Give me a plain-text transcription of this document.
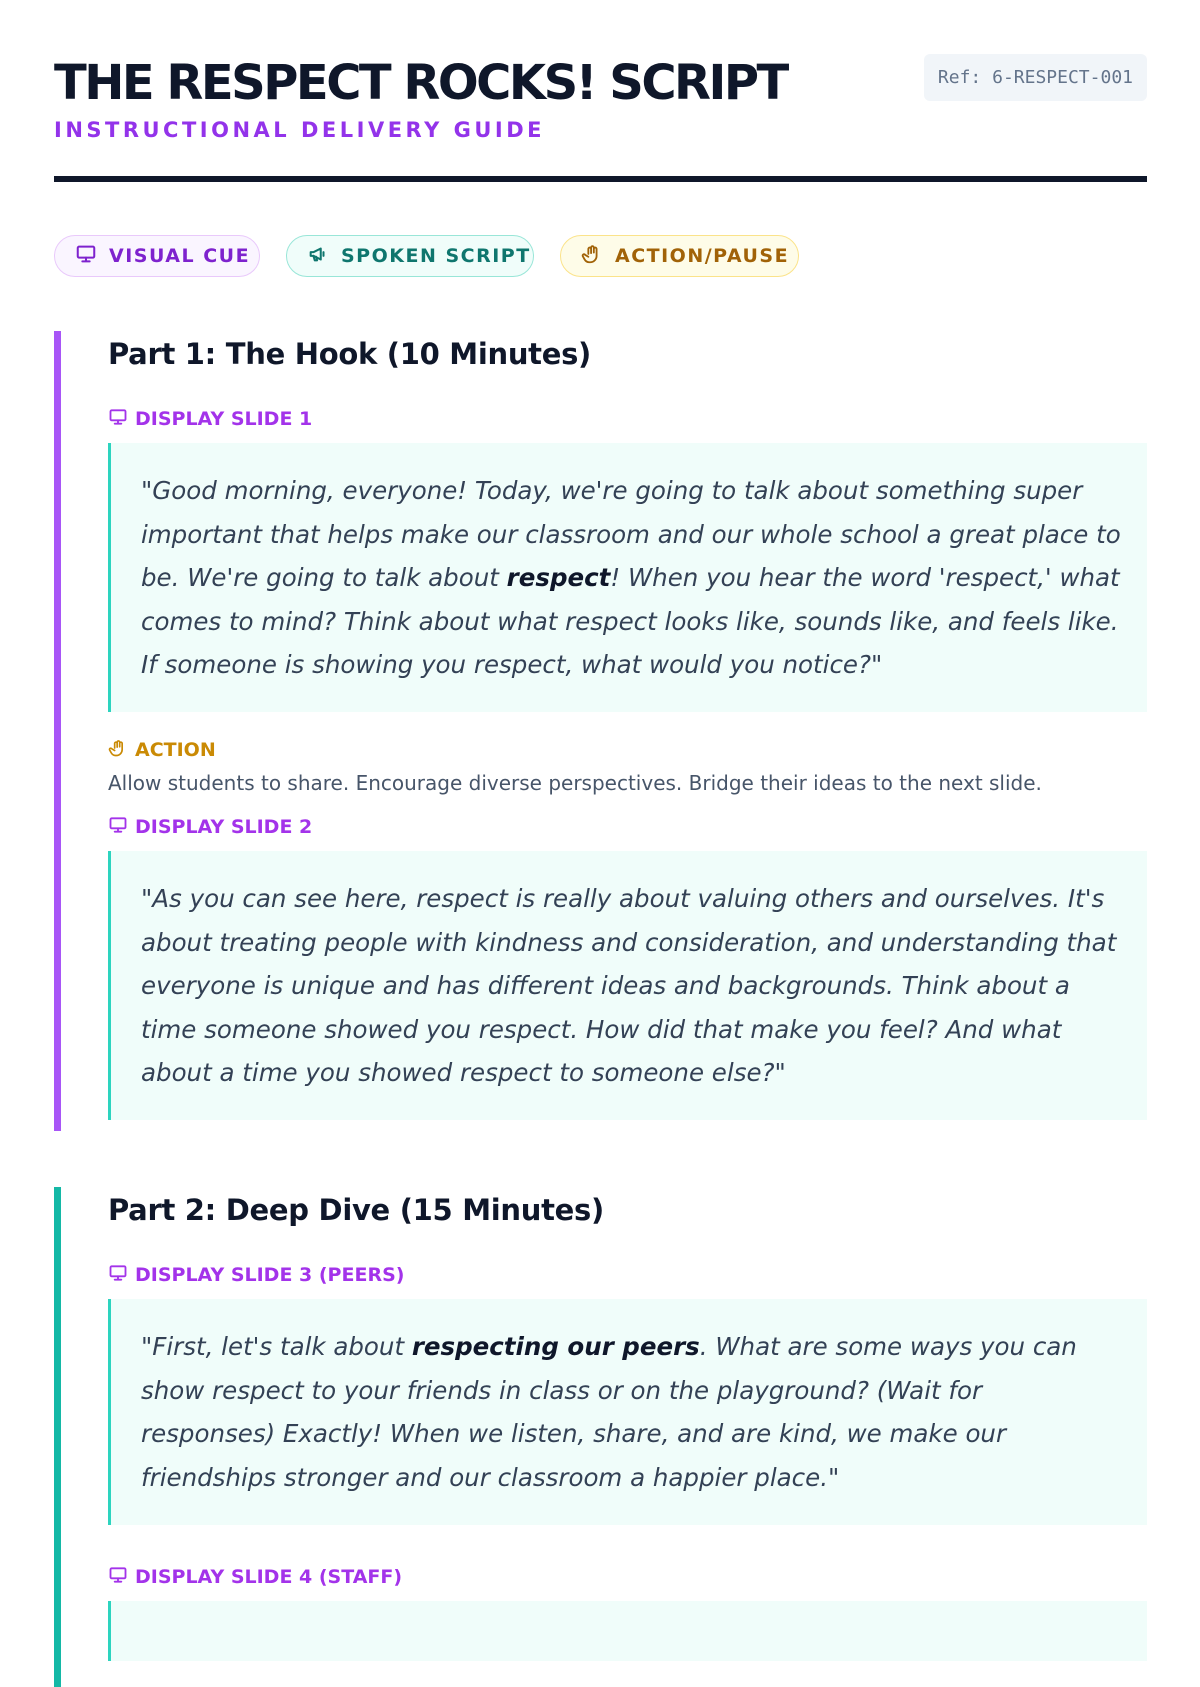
THE RESPECT ROCKS! SCRIPT
INSTRUCTIONAL DELIVERY GUIDE
Ref: 6-RESPECT-001
VISUAL CUE	SPOKEN SCRIPT	ACTION/PAUSE
Part 1: The Hook (10 Minutes)
DISPLAY SLIDE 1
"Good morning, everyone! Today, we're going to talk about something super important that helps make our classroom and our whole school a great place to be. We're going to talk about respect! When you hear the word 'respect,' what comes to mind? Think about what respect looks like, sounds like, and feels like. If someone is showing you respect, what would you notice?"
ACTION
Allow students to share. Encourage diverse perspectives. Bridge their ideas to the next slide.
DISPLAY SLIDE 2
"As you can see here, respect is really about valuing others and ourselves. It's about treating people with kindness and consideration, and understanding that everyone is unique and has different ideas and backgrounds. Think about a time someone showed you respect. How did that make you feel? And what about a time you showed respect to someone else?"
Part 2: Deep Dive (15 Minutes)
DISPLAY SLIDE 3 (PEERS)
"First, let's talk about respecting our peers. What are some ways you can show respect to your friends in class or on the playground? (Wait for responses) Exactly! When we listen, share, and are kind, we make our friendships stronger and our classroom a happier place."
DISPLAY SLIDE 4 (STAFF)
